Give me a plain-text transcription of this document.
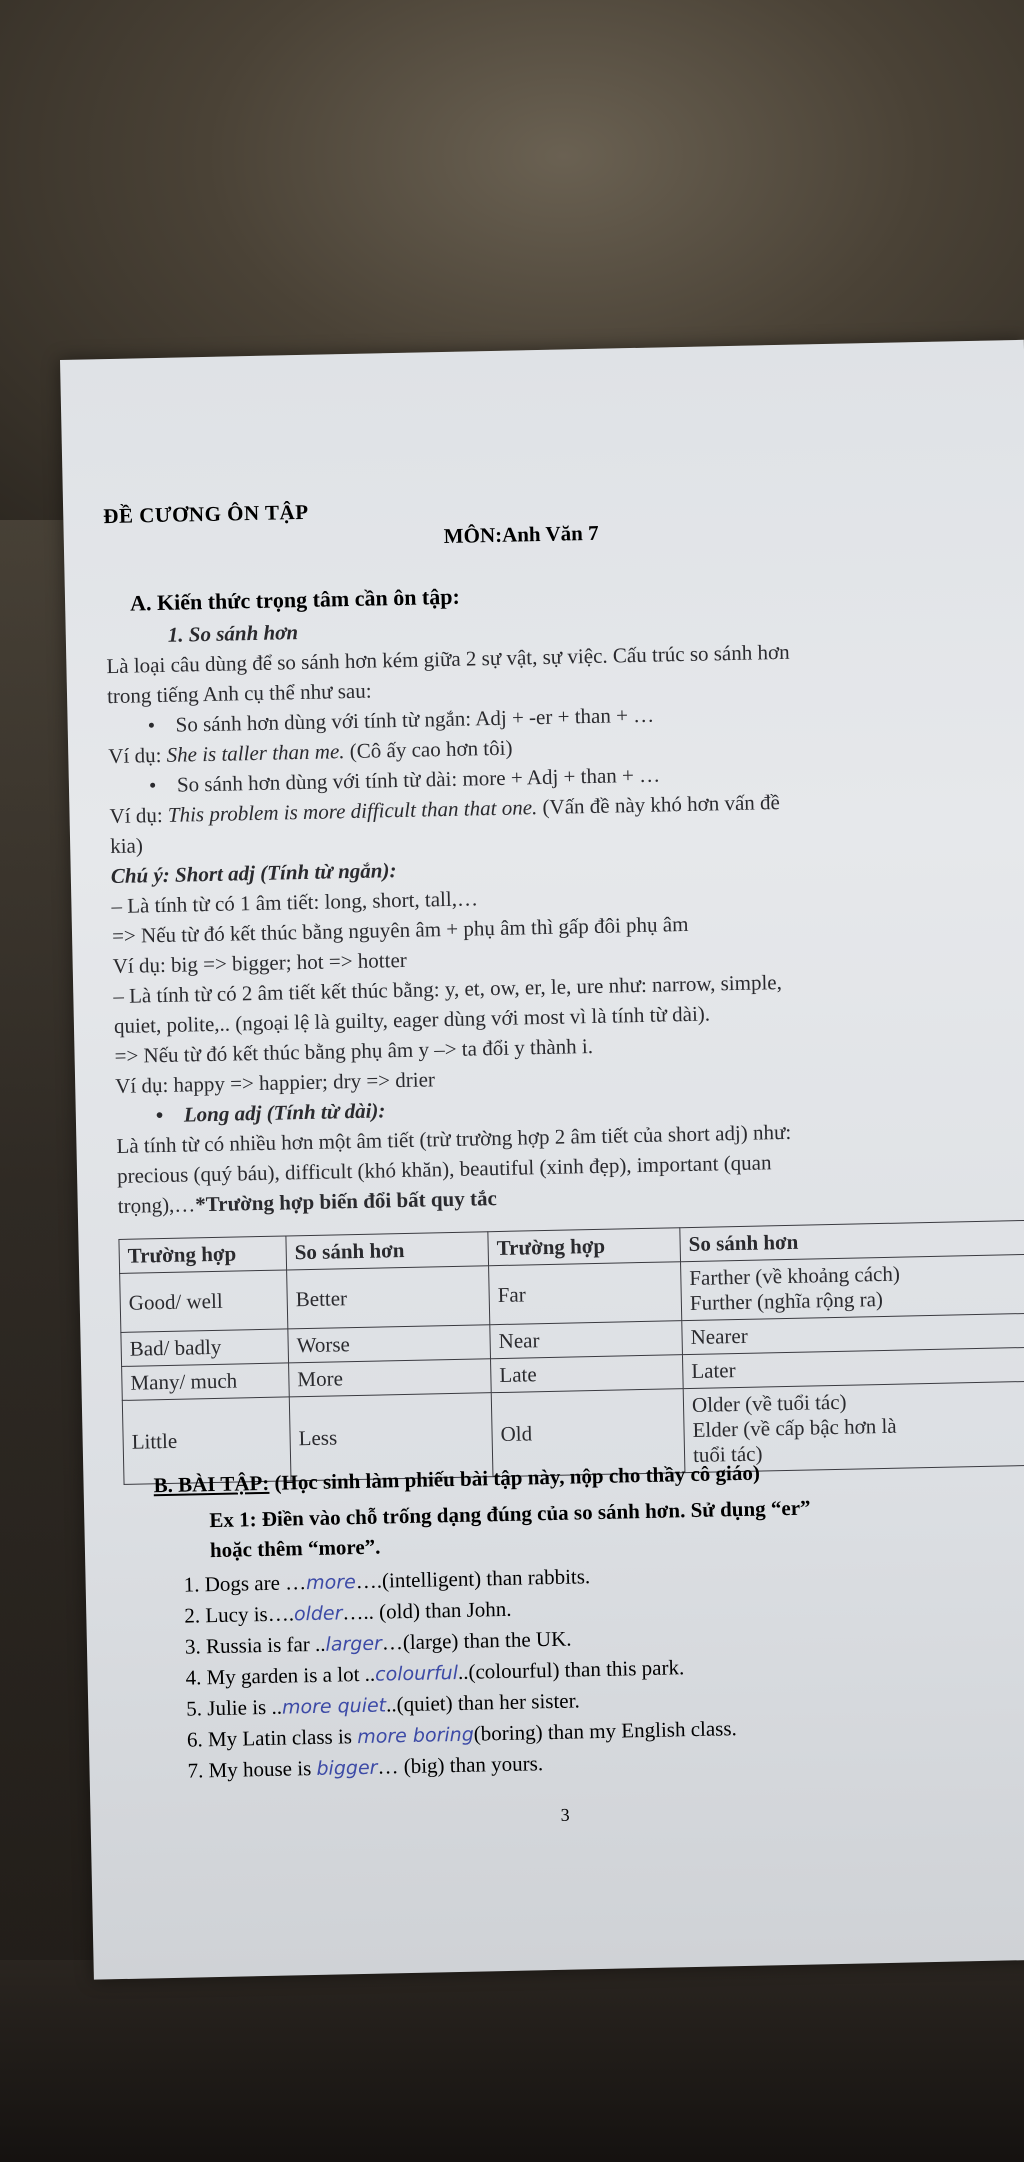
ĐỀ CƯƠNG ÔN TẬP
MÔN:Anh Văn 7
A. Kiến thức trọng tâm cần ôn tập:
1. So sánh hơn
Là loại câu dùng để so sánh hơn kém giữa 2 sự vật, sự việc. Cấu trúc so sánh hơn
trong tiếng Anh cụ thể như sau:
• So sánh hơn dùng với tính từ ngắn: Adj + -er + than + …
Ví dụ: She is taller than me. (Cô ấy cao hơn tôi)
• So sánh hơn dùng với tính từ dài: more + Adj + than + …
Ví dụ: This problem is more difficult than that one. (Vấn đề này khó hơn vấn đề
kia)
Chú ý: Short adj (Tính từ ngắn):
– Là tính từ có 1 âm tiết: long, short, tall,…
=> Nếu từ đó kết thúc bằng nguyên âm + phụ âm thì gấp đôi phụ âm
Ví dụ: big => bigger; hot => hotter
– Là tính từ có 2 âm tiết kết thúc bằng: y, et, ow, er, le, ure như: narrow, simple,
quiet, polite,.. (ngoại lệ là guilty, eager dùng với most vì là tính từ dài).
=> Nếu từ đó kết thúc bằng phụ âm y –> ta đổi y thành i.
Ví dụ: happy => happier; dry => drier
• Long adj (Tính từ dài):
Là tính từ có nhiều hơn một âm tiết (trừ trường hợp 2 âm tiết của short adj) như:
precious (quý báu), difficult (khó khăn), beautiful (xinh đẹp), important (quan
trọng),…*Trường hợp biến đổi bất quy tắc
Trường hợp	So sánh hơn	Trường hợp	So sánh hơn
Good/ well	Better	Far	Farther (về khoảng cách)
Further (nghĩa rộng ra)

Bad/ badly	Worse	Near	Nearer
Many/ much	More	Late	Later
Little	Less	Old	Older (về tuổi tác)
Elder (về cấp bậc hơn là
tuổi tác)
B. BÀI TẬP: (Học sinh làm phiếu bài tập này, nộp cho thầy cô giáo)
Ex 1: Điền vào chỗ trống dạng đúng của so sánh hơn. Sử dụng “er”
hoặc thêm “more”.
1. Dogs are …more….(intelligent) than rabbits.
2. Lucy is….older….. (old) than John.
3. Russia is far ..larger…(large) than the UK.
4. My garden is a lot ..colourful..(colourful) than this park.
5. Julie is ..more quiet..(quiet) than her sister.
6. My Latin class is more boring(boring) than my English class.
7. My house is bigger… (big) than yours.
3
